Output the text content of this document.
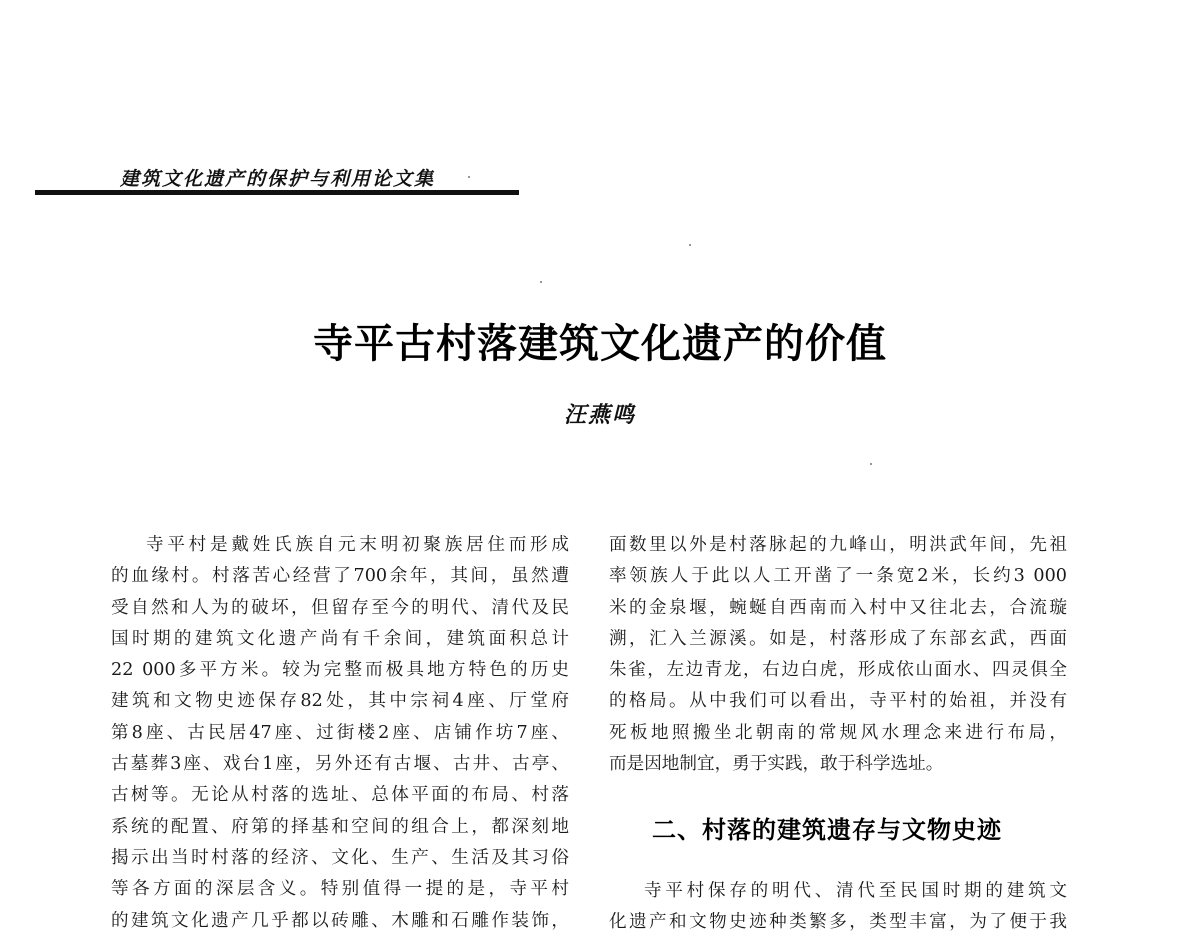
建筑文化遗产的保护与利用论文集
寺平古村落建筑文化遗产的价值
汪燕鸣
寺平村是戴姓氏族自元末明初聚族居住而形成
的血缘村。村落苦心经营了700余年，其间，虽然遭
受自然和人为的破坏，但留存至今的明代、清代及民
国时期的建筑文化遗产尚有千余间，建筑面积总计
22 000多平方米。较为完整而极具地方特色的历史
建筑和文物史迹保存82处，其中宗祠4座、厅堂府
第8座、古民居47座、过街楼2座、店铺作坊7座、
古墓葬3座、戏台1座，另外还有古堰、古井、古亭、
古树等。无论从村落的选址、总体平面的布局、村落
系统的配置、府第的择基和空间的组合上，都深刻地
揭示出当时村落的经济、文化、生产、生活及其习俗
等各方面的深层含义。特别值得一提的是，寺平村
的建筑文化遗产几乎都以砖雕、木雕和石雕作装饰，
面数里以外是村落脉起的九峰山，明洪武年间，先祖
率领族人于此以人工开凿了一条宽2米，长约3 000
米的金泉堰，蜿蜒自西南而入村中又往北去，合流璇
溯，汇入兰源溪。如是，村落形成了东部玄武，西面
朱雀，左边青龙，右边白虎，形成依山面水、四灵俱全
的格局。从中我们可以看出，寺平村的始祖，并没有
死板地照搬坐北朝南的常规风水理念来进行布局，
而是因地制宜，勇于实践，敢于科学选址。
二、村落的建筑遗存与文物史迹
寺平村保存的明代、清代至民国时期的建筑文
化遗产和文物史迹种类繁多，类型丰富，为了便于我
